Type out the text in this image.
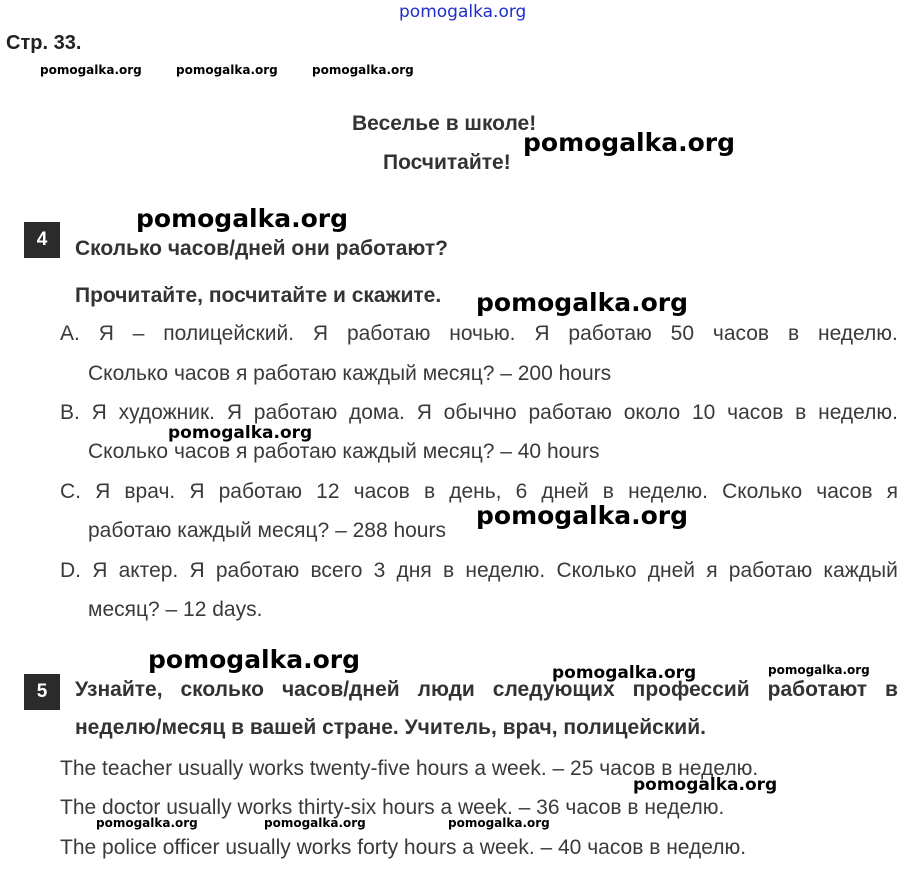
pomogalka.org
Стр. 33.
pomogalka.org	pomogalka.org	pomogalka.org
Веселье в школе!
Посчитайте!
pomogalka.org
pomogalka.org
4	Сколько часов/дней они работают?
Прочитайте, посчитайте и скажите. pomogalka.org
A. Я – полицейский. Я работаю ночью. Я работаю 50 часов в неделю.
Сколько часов я работаю каждый месяц? – 200 hours
B. Я художник. Я работаю дома. Я обычно работаю около 10 часов в неделю.
pomogalka.org
Сколько часов я работаю каждый месяц? – 40 hours
C. Я врач. Я работаю 12 часов в день, 6 дней в неделю. Сколько часов я
работаю каждый месяц? – 288 hours
pomogalka.org
D. Я актер. Я работаю всего 3 дня в неделю. Сколько дней я работаю каждый
месяц? – 12 days.
pomogalka.org	pomogalka.org	pomogalka.org
5	Узнайте, сколько часов/дней люди следующих профессий работают в
неделю/месяц в вашей стране. Учитель, врач, полицейский.
The teacher usually works twenty-five hours a week. – 25 часов в неделю.
pomogalka.org
The doctor usually works thirty-six hours a week. – 36 часов в неделю.
pomogalka.org	pomogalka.org	pomogalka.org
The police officer usually works forty hours a week. – 40 часов в неделю.
